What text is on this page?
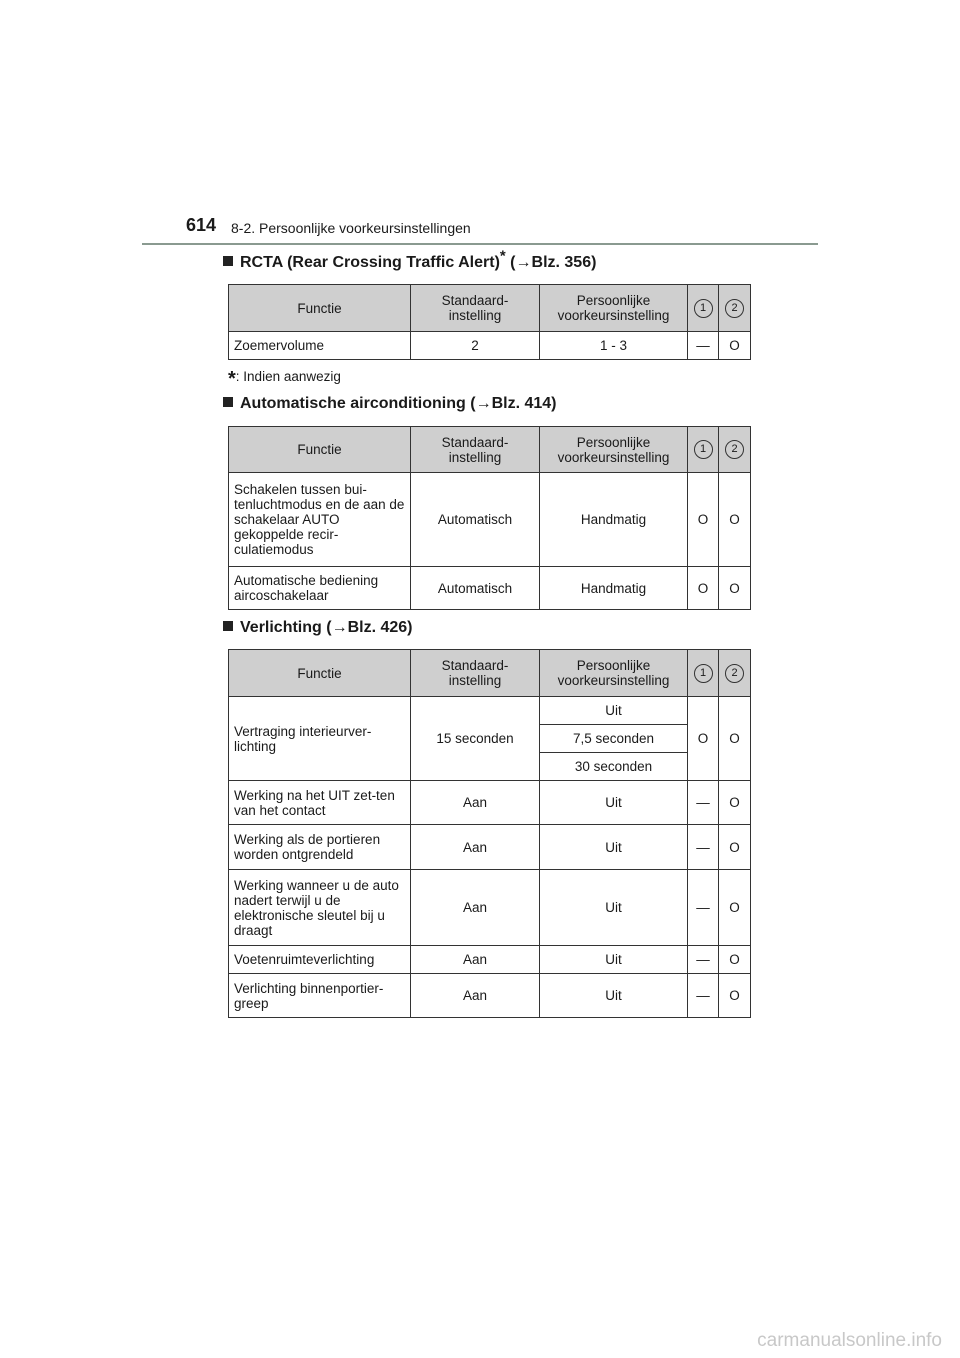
614 8-2. Persoonlijke voorkeursinstellingen
RCTA (Rear Crossing Traffic Alert)* (→Blz. 356)
Functie	Standaard-instelling	Persoonlijke voorkeursinstelling	1	2
Zoemervolume	2	1 - 3	—	O
*: Indien aanwezig
Automatische airconditioning (→Blz. 414)
Functie	Standaard-instelling	Persoonlijke voorkeursinstelling	1	2
Schakelen tussen bui-tenluchtmodus en de aan de schakelaar AUTO gekoppelde recir-culatiemodus	Automatisch	Handmatig	O	O
Automatische bediening aircoschakelaar	Automatisch	Handmatig	O	O
Verlichting (→Blz. 426)
Functie	Standaard-instelling	Persoonlijke voorkeursinstelling	1	2
Vertraging interieurver-lichting	15 seconden	Uit	O	O
		7,5 seconden		
		30 seconden		
Werking na het UIT zet-ten van het contact	Aan	Uit	—	O
Werking als de portieren worden ontgrendeld	Aan	Uit	—	O
Werking wanneer u de auto nadert terwijl u de elektronische sleutel bij u draagt	Aan	Uit	—	O
Voetenruimteverlichting	Aan	Uit	—	O
Verlichting binnenportier-greep	Aan	Uit	—	O
carmanualsonline.info
